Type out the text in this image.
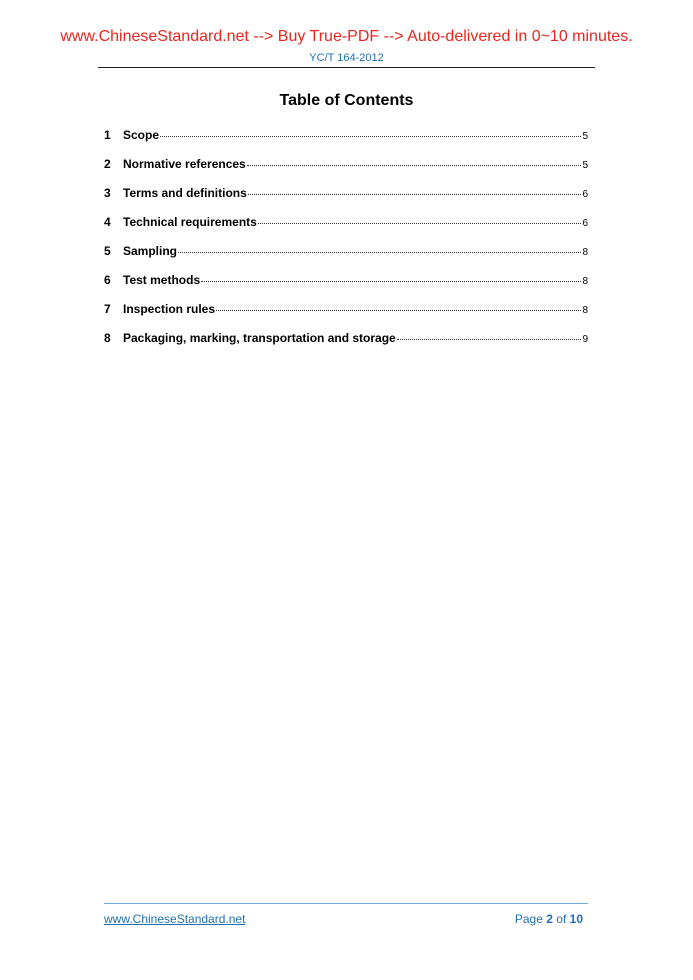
www.ChineseStandard.net --> Buy True-PDF --> Auto-delivered in 0~10 minutes.
YC/T 164-2012
Table of Contents
1	Scope	5
2	Normative references	5
3	Terms and definitions	6
4	Technical requirements	6
5	Sampling	8
6	Test methods	8
7	Inspection rules	8
8	Packaging, marking, transportation and storage	9
www.ChineseStandard.net	Page 2 of 10
